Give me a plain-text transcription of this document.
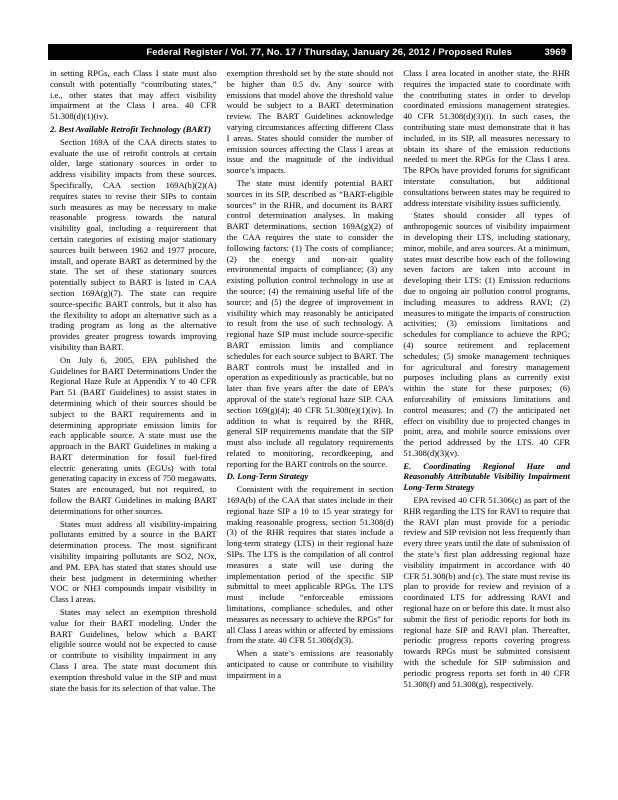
Federal Register / Vol. 77, No. 17 / Thursday, January 26, 2012 / Proposed Rules	3969

in setting RPGs, each Class I state must also consult with potentially “contributing states,” i.e., other states that may affect visibility impairment at the Class I area. 40 CFR 51.308(d)(1)(iv).

2. Best Available Retrofit Technology (BART)

Section 169A of the CAA directs states to evaluate the use of retrofit controls at certain older, large stationary sources in order to address visibility impacts from these sources. Specifically, CAA section 169A(b)(2)(A) requires states to revise their SIPs to contain such measures as may be necessary to make reasonable progress towards the natural visibility goal, including a requirement that certain categories of existing major stationary sources built between 1962 and 1977 procure, install, and operate BART as determined by the state. The set of these stationary sources potentially subject to BART is listed in CAA section 169A(g)(7). The state can require source-specific BART controls, but it also has the flexibility to adopt an alternative such as a trading program as long as the alternative provides greater progress towards improving visibility than BART.

On July 6, 2005, EPA published the Guidelines for BART Determinations Under the Regional Haze Rule at Appendix Y to 40 CFR Part 51 (BART Guidelines) to assist states in determining which of their sources should be subject to the BART requirements and in determining appropriate emission limits for each applicable source. A state must use the approach in the BART Guidelines in making a BART determination for fossil fuel-fired electric generating units (EGUs) with total generating capacity in excess of 750 megawatts. States are encouraged, but not required, to follow the BART Guidelines in making BART determinations for other sources.

States must address all visibility-impairing pollutants emitted by a source in the BART determination process. The most significant visibility impairing pollutants are SO2, NOx, and PM. EPA has stated that states should use their best judgment in determining whether VOC or NH3 compounds impair visibility in Class I areas.

States may select an exemption threshold value for their BART modeling. Under the BART Guidelines, below which a BART eligible source would not be expected to cause or contribute to visibility impairment in any Class I area. The state must document this exemption threshold value in the SIP and must state the basis for its selection of that value. The

exemption threshold set by the state should not be higher than 0.5 dv. Any source with emissions that model above the threshold value would be subject to a BART determination review. The BART Guidelines acknowledge varying circumstances affecting different Class I areas. States should consider the number of emission sources affecting the Class I areas at issue and the magnitude of the individual source’s impacts.

The state must identify potential BART sources in its SIP, described as “BART-eligible sources” in the RHR, and document its BART control determination analyses. In making BART determinations, section 169A(g)(2) of the CAA requires the state to consider the following factors: (1) The costs of compliance; (2) the energy and non-air quality environmental impacts of compliance; (3) any existing pollution control technology in use at the source; (4) the remaining useful life of the source; and (5) the degree of improvement in visibility which may reasonably be anticipated to result from the use of such technology. A regional haze SIP must include source-specific BART emission limits and compliance schedules for each source subject to BART. The BART controls must be installed and in operation as expeditiously as practicable, but no later than five years after the date of EPA’s approval of the state’s regional haze SIP. CAA section 169(g)(4); 40 CFR 51.308(e)(1)(iv). In addition to what is required by the RHR, general SIP requirements mandate that the SIP must also include all regulatory requirements related to monitoring, recordkeeping, and reporting for the BART controls on the source.

D. Long-Term Strategy

Consistent with the requirement in section 169A(b) of the CAA that states include in their regional haze SIP a 10 to 15 year strategy for making reasonable progress, section 51.308(d)(3) of the RHR requires that states include a long-term strategy (LTS) in their regional haze SIPs. The LTS is the compilation of all control measures a state will use during the implementation period of the specific SIP submittal to meet applicable RPGs. The LTS must include “enforceable emissions limitations, compliance schedules, and other measures as necessary to achieve the RPGs” for all Class I areas within or affected by emissions from the state. 40 CFR 51.308(d)(3).

When a state’s emissions are reasonably anticipated to cause or contribute to visibility impairment in a

Class I area located in another state, the RHR requires the impacted state to coordinate with the contributing states in order to develop coordinated emissions management strategies. 40 CFR 51.308(d)(3)(i). In such cases, the contributing state must demonstrate that it has included, in its SIP, all measures necessary to obtain its share of the emission reductions needed to meet the RPGs for the Class I area. The RPOs have provided forums for significant interstate consultation, but additional consultations between states may be required to address interstate visibility issues sufficiently.

States should consider all types of anthropogenic sources of visibility impairment in developing their LTS, including stationary, minor, mobile, and area sources. At a minimum, states must describe how each of the following seven factors are taken into account in developing their LTS: (1) Emission reductions due to ongoing air pollution control programs, including measures to address RAVI; (2) measures to mitigate the impacts of construction activities; (3) emissions limitations and schedules for compliance to achieve the RPG; (4) source retirement and replacement schedules; (5) smoke management techniques for agricultural and forestry management purposes including plans as currently exist within the state for these purposes; (6) enforceability of emissions limitations and control measures; and (7) the anticipated net effect on visibility due to projected changes in point, area, and mobile source emissions over the period addressed by the LTS. 40 CFR 51.308(d)(3)(v).

E. Coordinating Regional Haze and Reasonably Attributable Visibility Impairment Long-Term Strategy

EPA revised 40 CFR 51.306(c) as part of the RHR regarding the LTS for RAVI to require that the RAVI plan must provide for a periodic review and SIP revision not less frequently than every three years until the date of submission of the state’s first plan addressing regional haze visibility impairment in accordance with 40 CFR 51.308(b) and (c). The state must revise its plan to provide for review and revision of a coordinated LTS for addressing RAVI and regional haze on or before this date. It must also submit the first of periodic reports for both its regional haze SIP and RAVI plan. Thereafter, periodic progress reports covering progress towards RPGs must be submitted consistent with the schedule for SIP submission and periodic progress reports set forth in 40 CFR 51.308(f) and 51.308(g), respectively.
